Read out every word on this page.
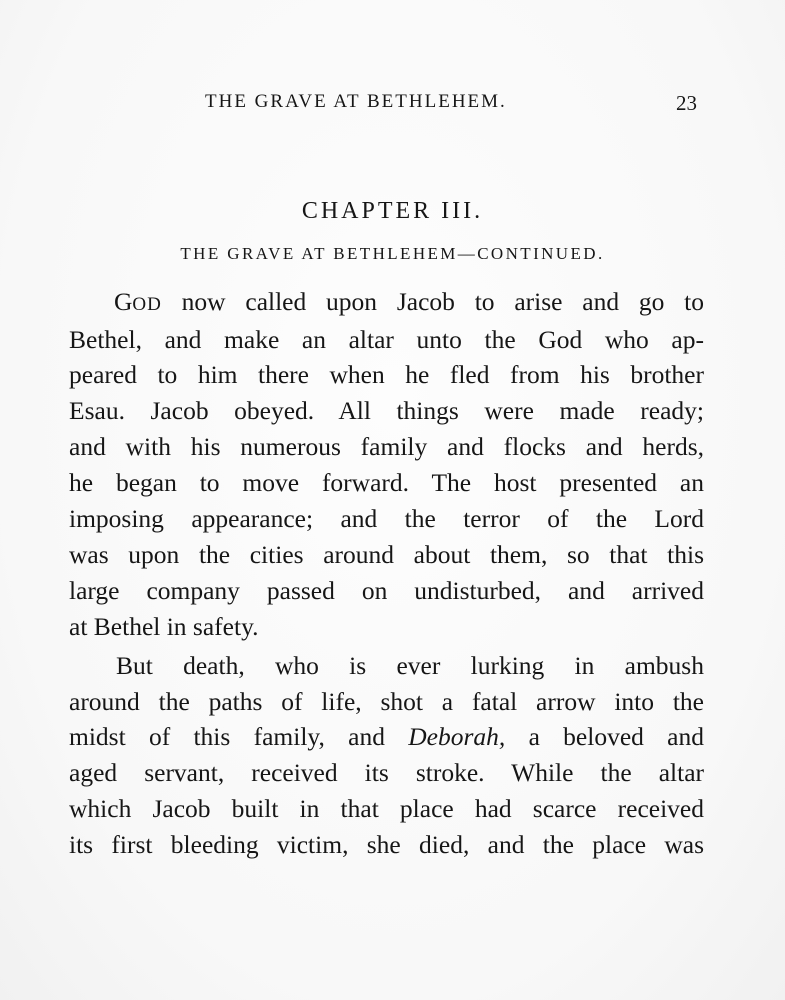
THE GRAVE AT BETHLEHEM.	23
CHAPTER III.
THE GRAVE AT BETHLEHEM—CONTINUED.
GOD now called upon Jacob to arise and go to
Bethel, and make an altar unto the God who ap-
peared to him there when he fled from his brother
Esau. Jacob obeyed. All things were made ready;
and with his numerous family and flocks and herds,
he began to move forward. The host presented an
imposing appearance; and the terror of the Lord
was upon the cities around about them, so that this
large company passed on undisturbed, and arrived
at Bethel in safety.
But death, who is ever lurking in ambush
around the paths of life, shot a fatal arrow into the
midst of this family, and Deborah, a beloved and
aged servant, received its stroke. While the altar
which Jacob built in that place had scarce received
its first bleeding victim, she died, and the place was
